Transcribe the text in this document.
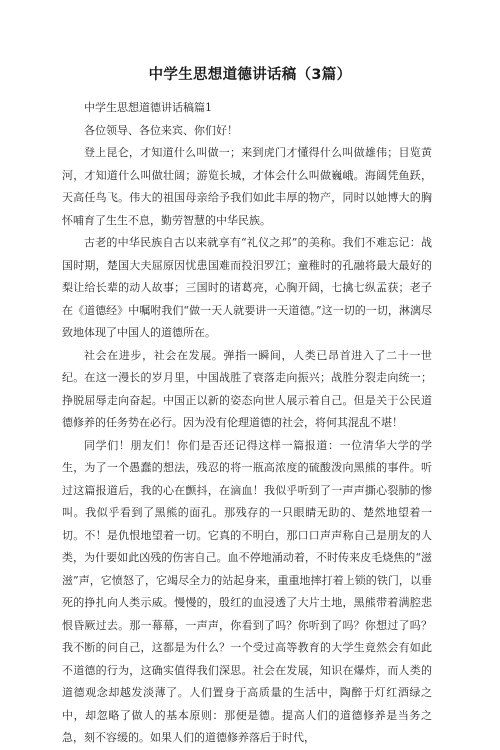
中学生思想道德讲话稿（3篇）

中学生思想道德讲话稿篇1

各位领导、各位来宾、你们好！

登上昆仑，才知道什么叫做一；来到虎门才懂得什么叫做雄伟；目览黄河，才知道什么叫做壮阔；游览长城，才体会什么叫做巍峨。海阔凭鱼跃，天高任鸟飞。伟大的祖国母亲给予我们如此丰厚的物产，同时以她博大的胸怀哺育了生生不息，勤劳智慧的中华民族。

古老的中华民族自古以来就享有“礼仪之邦”的美称。我们不难忘记：战国时期，楚国大夫屈原因忧患国难而投汨罗江；童稚时的孔融将最大最好的梨让给长辈的动人故事；三国时的诸葛亮，心胸开阔，七擒七纵孟获；老子在《道德经》中嘱咐我们“做一天人就要讲一天道德。”这一切的一切，淋漓尽致地体现了中国人的道德所在。

社会在进步，社会在发展。弹指一瞬间，人类已昂首进入了二十一世纪。在这一漫长的岁月里，中国战胜了衰落走向振兴；战胜分裂走向统一；挣脱屈辱走向奋起。中国正以新的姿态向世人展示着自己。但是关于公民道德修养的任务势在必行。因为没有伦理道德的社会，将何其混乱不堪！

同学们！朋友们！你们是否还记得这样一篇报道：一位清华大学的学生，为了一个愚蠢的想法，残忍的将一瓶高浓度的硫酸泼向黑熊的事件。听过这篇报道后，我的心在颤抖，在滴血！我似乎听到了一声声撕心裂肺的惨叫。我似乎看到了黑熊的面孔。那残存的一只眼睛无助的、楚然地望着一切。不！是仇恨地望着一切。它真的不明白，那口口声声称自己是朋友的人类，为什要如此凶残的伤害自己。血不停地涌动着，不时传来皮毛烧焦的“滋滋”声，它愤怒了，它竭尽全力的站起身来，重重地摔打着上锁的铁门，以垂死的挣扎向人类示威。慢慢的，殷红的血浸透了大片土地，黑熊带着满腔悲恨昏厥过去。那一幕幕，一声声，你看到了吗？你听到了吗？你想过了吗？我不断的问自己，这都是为什么？一个受过高等教育的大学生竟然会有如此不道德的行为，这确实值得我们深思。社会在发展，知识在爆炸，而人类的道德观念却越发淡薄了。人们置身于高质量的生活中，陶醉于灯红酒绿之中，却忽略了做人的基本原则：那便是德。提高人们的道德修养是当务之急，刻不容缓的。如果人们的道德修养落后于时代，
